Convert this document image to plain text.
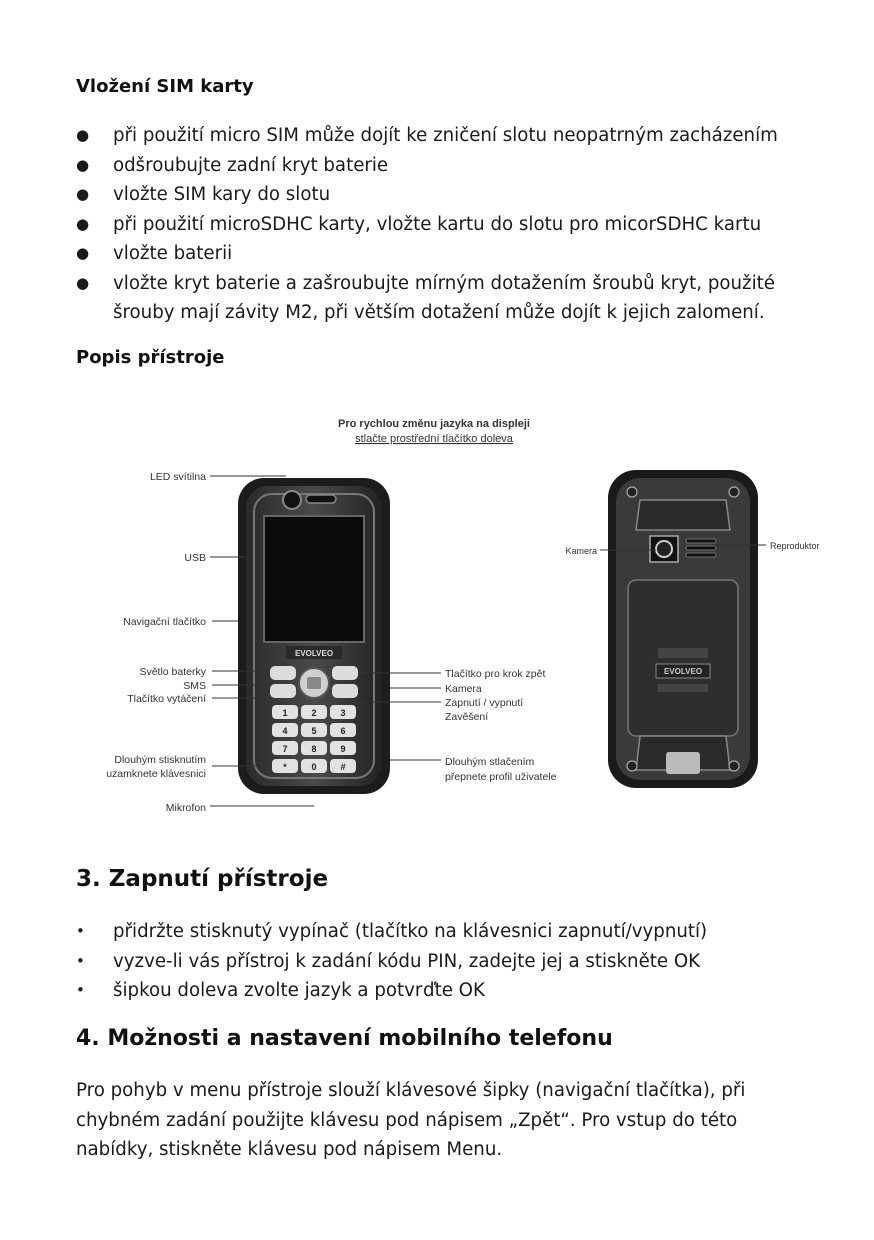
Vložení SIM karty
● při použití micro SIM může dojít ke zničení slotu neopatrným zacházením
● odšroubujte zadní kryt baterie
● vložte SIM kary do slotu
● při použití microSDHC karty, vložte kartu do slotu pro micorSDHC kartu
● vložte baterii
● vložte kryt baterie a zašroubujte mírným dotažením šroubů kryt, použité
šrouby mají závity M2, při větším dotažení může dojít k jejich zalomení.
Popis přístroje
Pro rychlou změnu jazyka na displeji
stlačte prostřední tlačítko doleva
EVOLVEO
1	2	3
4	5	6
7	8	9
*	0	#
LED svítilna
USB
Navigační tlačítko
Světlo baterky
SMS
Tlačítko vytáčení
Dlouhým stisknutím
uzamknete klávesnici
Mikrofon
Tlačítko pro krok zpět
Kamera
Zapnutí / vypnutí
Zavěšení
Dlouhým stlačením
přepnete profil uživatele
EVOLVEO
Kamera	Reproduktor
3. Zapnutí přístroje
• přidržte stisknutý vypínač (tlačítko na klávesnici zapnutí/vypnutí)
• vyzve-li vás přístroj k zadání kódu PIN, zadejte jej a stiskněte OK
• šipkou doleva zvolte jazyk a potvrďte OK
4. Možnosti a nastavení mobilního telefonu
Pro pohyb v menu přístroje slouží klávesové šipky (navigační tlačítka), při
chybném zadání použijte klávesu pod nápisem „Zpět“. Pro vstup do této
nabídky, stiskněte klávesu pod nápisem Menu.
